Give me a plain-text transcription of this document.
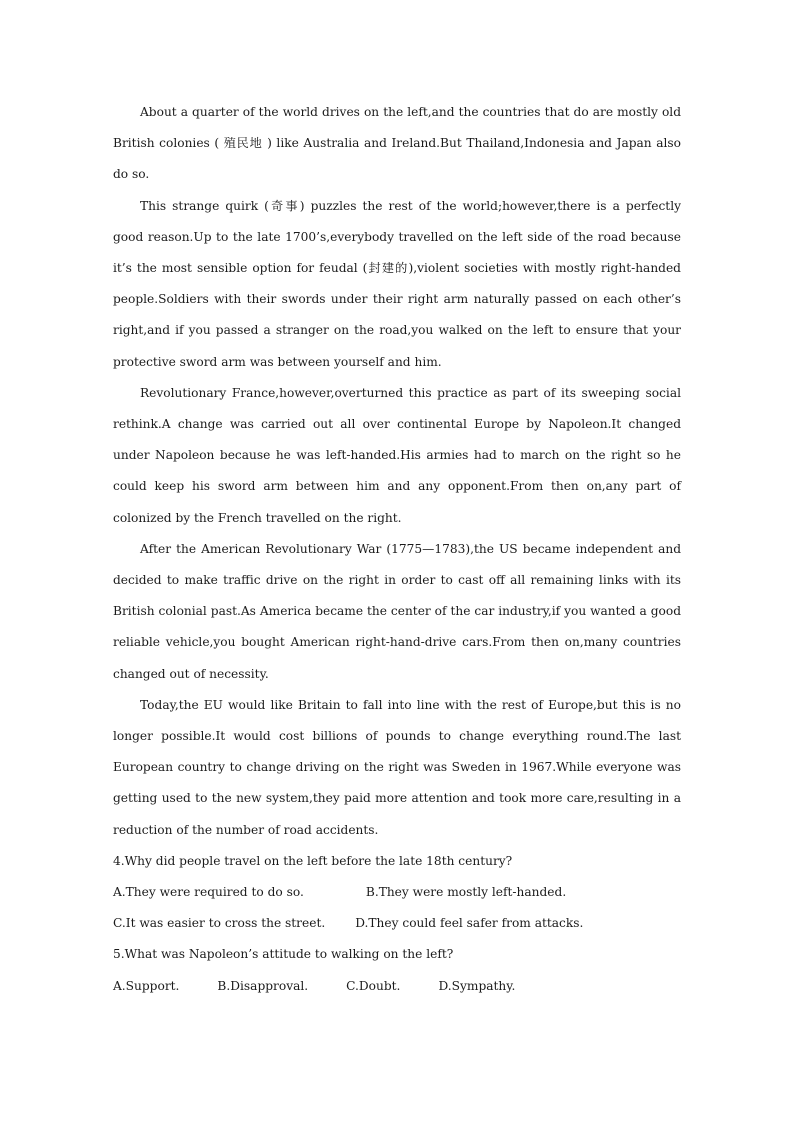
About a quarter of the world drives on the left,and the countries that do are mostly old British colonies ( 殖民地 ) like Australia and Ireland.But Thailand,Indonesia and Japan also do so.

This strange quirk (奇事) puzzles the rest of the world;however,there is a perfectly good reason.Up to the late 1700’s,everybody travelled on the left side of the road because it’s the most sensible option for feudal (封建的),violent societies with mostly right-handed people.Soldiers with their swords under their right arm naturally passed on each other’s right,and if you passed a stranger on the road,you walked on the left to ensure that your protective sword arm was between yourself and him.

Revolutionary France,however,overturned this practice as part of its sweeping social rethink.A change was carried out all over continental Europe by Napoleon.It changed under Napoleon because he was left-handed.His armies had to march on the right so he could keep his sword arm between him and any opponent.From then on,any part of colonized by the French travelled on the right.

After the American Revolutionary War (1775—1783),the US became independent and decided to make traffic drive on the right in order to cast off all remaining links with its British colonial past.As America became the center of the car industry,if you wanted a good reliable vehicle,you bought American right-hand-drive cars.From then on,many countries changed out of necessity.

Today,the EU would like Britain to fall into line with the rest of Europe,but this is no longer possible.It would cost billions of pounds to change everything round.The last European country to change driving on the right was Sweden in 1967.While everyone was getting used to the new system,they paid more attention and took more care,resulting in a reduction of the number of road accidents.

4.Why did people travel on the left before the late 18th century?

A.They were required to do so.	B.They were mostly left-handed.

C.It was easier to cross the street. D.They could feel safer from attacks.

5.What was Napoleon’s attitude to walking on the left?

A.Support.	B.Disapproval.	C.Doubt.	D.Sympathy.
